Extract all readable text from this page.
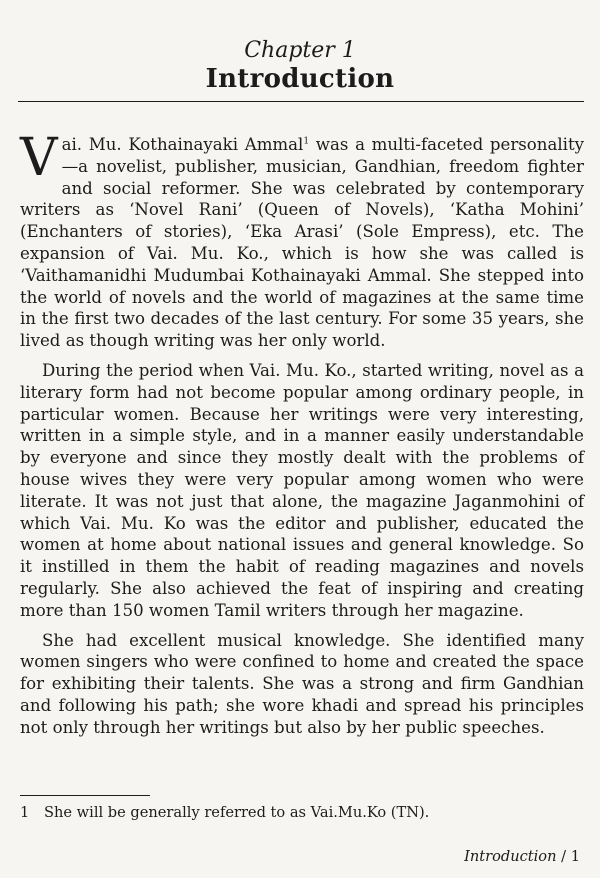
Chapter 1
Introduction

Vai. Mu. Kothainayaki Ammal$^1$ was a multi-faceted personality—a novelist, publisher, musician, Gandhian, freedom fighter and social reformer. She was celebrated by contemporary writers as ‘Novel Rani’ (Queen of Novels), ‘Katha Mohini’ (Enchanters of stories), ‘Eka Arasi’ (Sole Empress), etc. The expansion of Vai. Mu. Ko., which is how she was called is ‘Vaithamanidhi Mudumbai Kothainayaki Ammal. She stepped into the world of novels and the world of magazines at the same time in the first two decades of the last century. For some 35 years, she lived as though writing was her only world.

During the period when Vai. Mu. Ko., started writing, novel as a literary form had not become popular among ordinary people, in particular women. Because her writings were very interesting, written in a simple style, and in a manner easily understandable by everyone and since they mostly dealt with the problems of house wives they were very popular among women who were literate. It was not just that alone, the magazine Jaganmohini of which Vai. Mu. Ko was the editor and publisher, educated the women at home about national issues and general knowledge. So it instilled in them the habit of reading magazines and novels regularly. She also achieved the feat of inspiring and creating more than 150 women Tamil writers through her magazine.

She had excellent musical knowledge. She identified many women singers who were confined to home and created the space for exhibiting their talents. She was a strong and firm Gandhian and following his path; she wore khadi and spread his principles not only through her writings but also by her public speeches.

1 She will be generally referred to as Vai.Mu.Ko (TN).
Introduction / 1
